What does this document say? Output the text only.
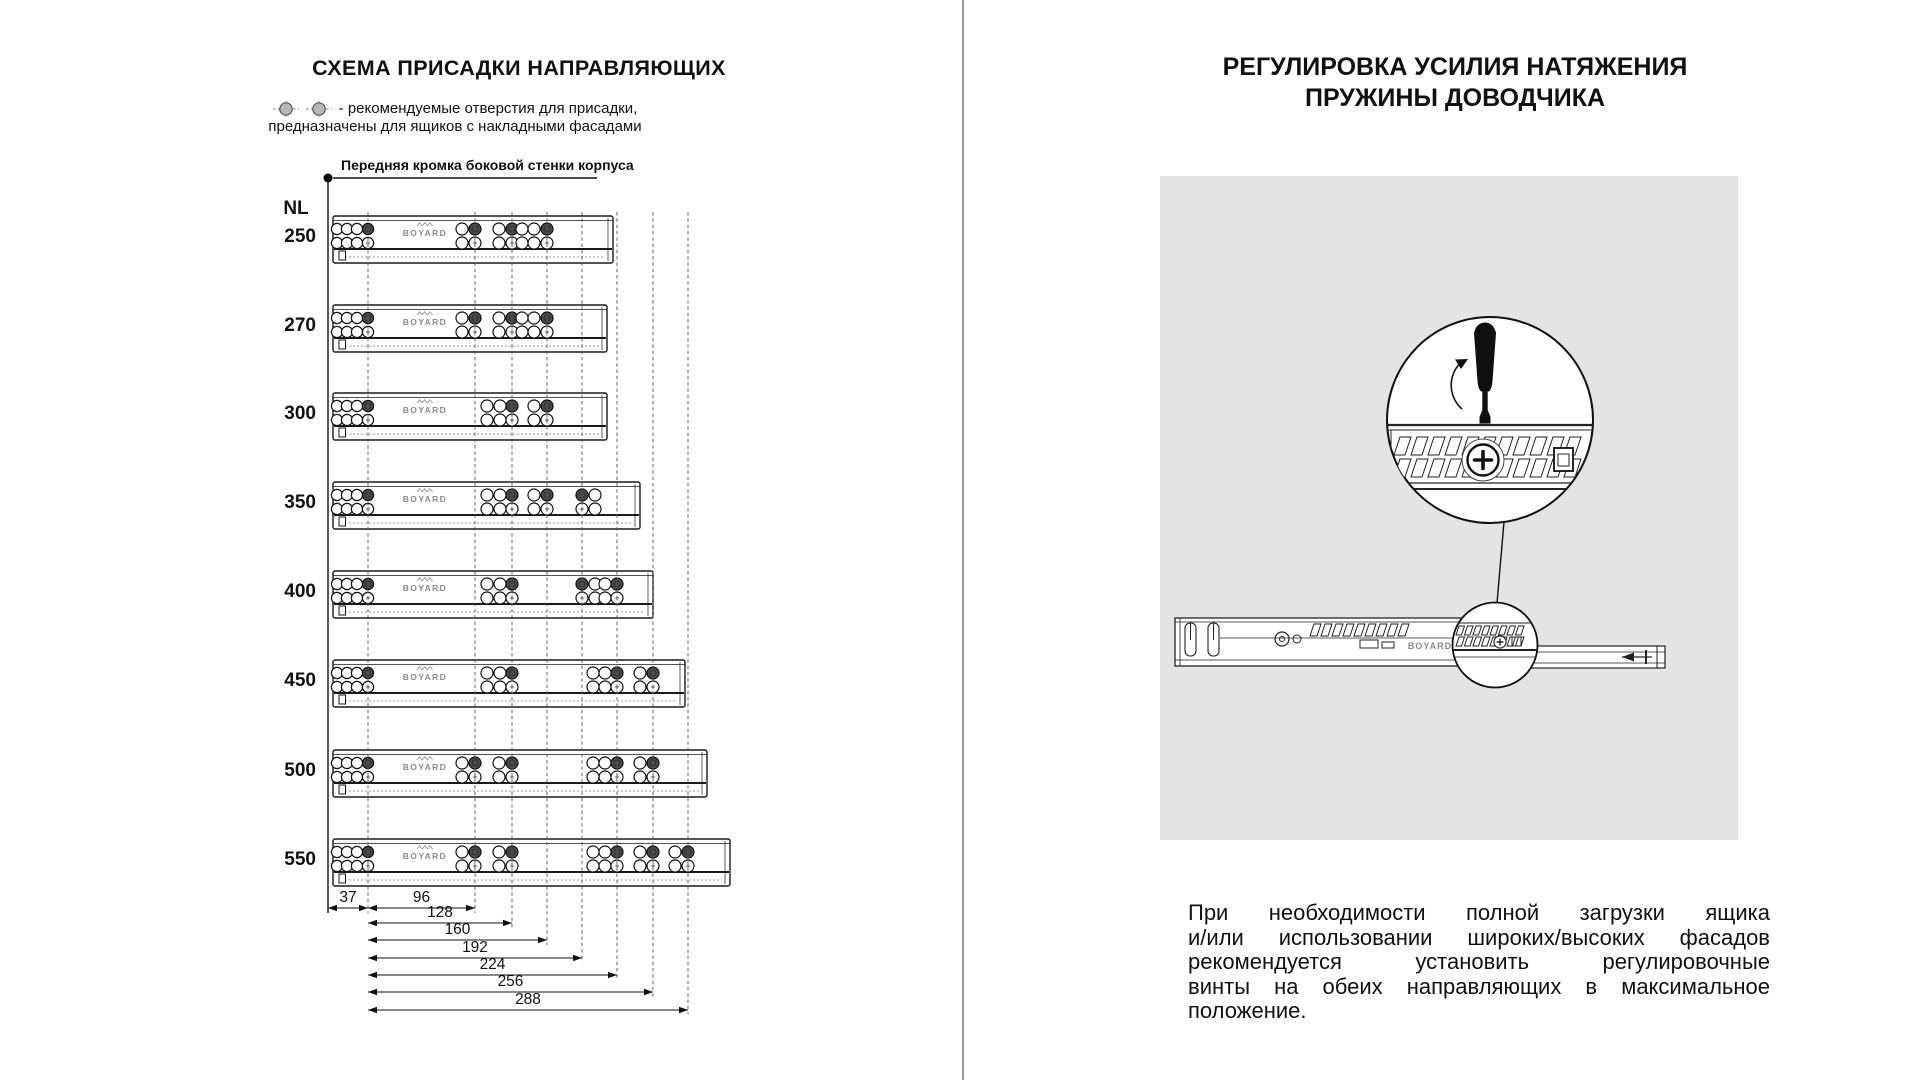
СХЕМА ПРИСАДКИ НАПРАВЛЯЮЩИХ
- рекомендуемые отверстия для присадки,
предназначены для ящиков с накладными фасадами
Передняя кромка боковой стенки корпуса
BOYARD
250
BOYARD
270
BOYARD
300
BOYARD
350
BOYARD
400
BOYARD
450
BOYARD
500
BOYARD
550
NL
37	96
128
160
192
224
256
288
РЕГУЛИРОВКА УСИЛИЯ НАТЯЖЕНИЯ
ПРУЖИНЫ ДОВОДЧИКА
BOYARD
При необходимости полной загрузки ящика
и/или использовании широких/высоких фасадов
рекомендуется установить регулировочные
винты на обеих направляющих в максимальное
положение.
